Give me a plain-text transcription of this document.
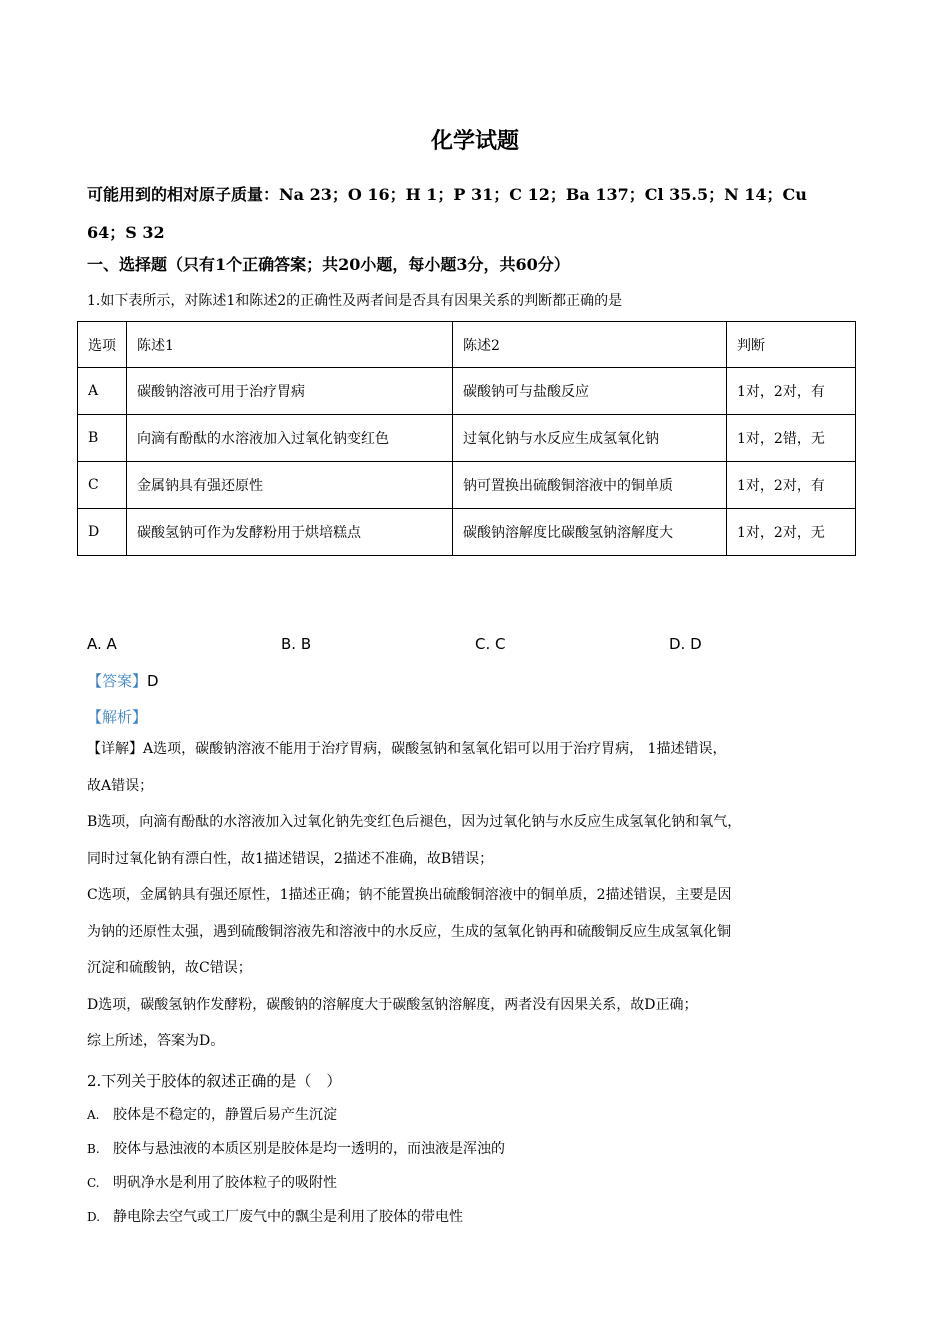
化学试题
可能用到的相对原子质量：Na 23；O 16；H 1；P 31；C 12；Ba 137；Cl 35.5；N 14；Cu
64；S 32
一、选择题（只有1个正确答案；共20小题，每小题3分，共60分）
1.如下表所示，对陈述1和陈述2的正确性及两者间是否具有因果关系的判断都正确的是
选项	陈述1	陈述2	判断
A	碳酸钠溶液可用于治疗胃病	碳酸钠可与盐酸反应	1对，2对，有
B	向滴有酚酞的水溶液加入过氧化钠变红色	过氧化钠与水反应生成氢氧化钠	1对，2错，无
C	金属钠具有强还原性	钠可置换出硫酸铜溶液中的铜单质	1对，2对，有
D	碳酸氢钠可作为发酵粉用于烘培糕点	碳酸钠溶解度比碳酸氢钠溶解度大	1对，2对，无
A. A	B. B	C. C	D. D
【答案】D
【解析】

【详解】A选项，碳酸钠溶液不能用于治疗胃病，碳酸氢钠和氢氧化铝可以用于治疗胃病， 1描述错误，

故A错误；

B选项，向滴有酚酞的水溶液加入过氧化钠先变红色后褪色，因为过氧化钠与水反应生成氢氧化钠和氧气，

同时过氧化钠有漂白性，故1描述错误，2描述不准确，故B错误；

C选项，金属钠具有强还原性，1描述正确；钠不能置换出硫酸铜溶液中的铜单质，2描述错误，主要是因

为钠的还原性太强，遇到硫酸铜溶液先和溶液中的水反应，生成的氢氧化钠再和硫酸铜反应生成氢氧化铜

沉淀和硫酸钠，故C错误；

D选项，碳酸氢钠作发酵粉，碳酸钠的溶解度大于碳酸氢钠溶解度，两者没有因果关系，故D正确；

综上所述，答案为D。

2.下列关于胶体的叙述正确的是（　）
A. 胶体是不稳定的，静置后易产生沉淀
B. 胶体与悬浊液的本质区别是胶体是均一透明的，而浊液是浑浊的
C. 明矾净水是利用了胶体粒子的吸附性
D. 静电除去空气或工厂废气中的飘尘是利用了胶体的带电性
